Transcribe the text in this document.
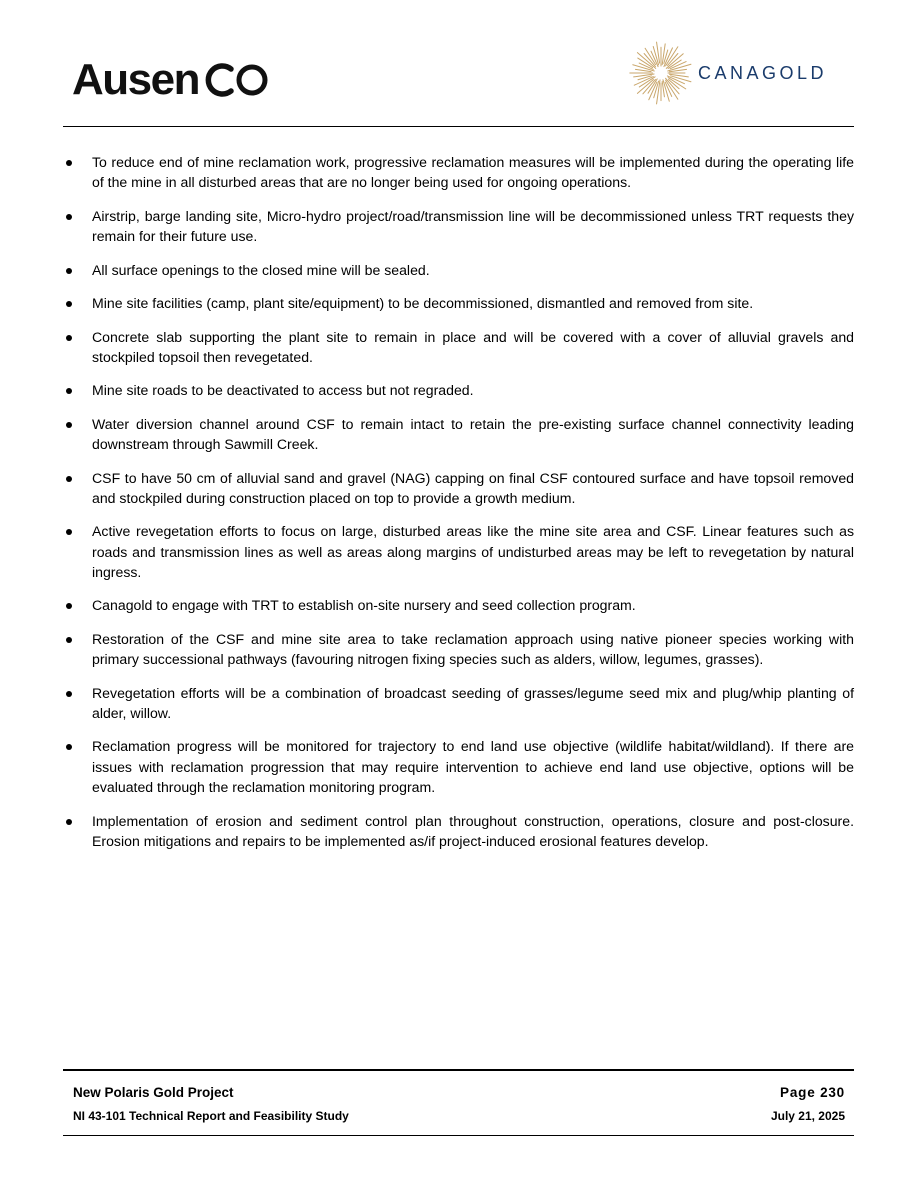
Ausen	CANAGOLD
To reduce end of mine reclamation work, progressive reclamation measures will be implemented during the operating life of the mine in all disturbed areas that are no longer being used for ongoing operations.
Airstrip, barge landing site, Micro-hydro project/road/transmission line will be decommissioned unless TRT requests they remain for their future use.
All surface openings to the closed mine will be sealed.
Mine site facilities (camp, plant site/equipment) to be decommissioned, dismantled and removed from site.
Concrete slab supporting the plant site to remain in place and will be covered with a cover of alluvial gravels and stockpiled topsoil then revegetated.
Mine site roads to be deactivated to access but not regraded.
Water diversion channel around CSF to remain intact to retain the pre-existing surface channel connectivity leading downstream through Sawmill Creek.
CSF to have 50 cm of alluvial sand and gravel (NAG) capping on final CSF contoured surface and have topsoil removed and stockpiled during construction placed on top to provide a growth medium.
Active revegetation efforts to focus on large, disturbed areas like the mine site area and CSF. Linear features such as roads and transmission lines as well as areas along margins of undisturbed areas may be left to revegetation by natural ingress.
Canagold to engage with TRT to establish on-site nursery and seed collection program.
Restoration of the CSF and mine site area to take reclamation approach using native pioneer species working with primary successional pathways (favouring nitrogen fixing species such as alders, willow, legumes, grasses).
Revegetation efforts will be a combination of broadcast seeding of grasses/legume seed mix and plug/whip planting of alder, willow.
Reclamation progress will be monitored for trajectory to end land use objective (wildlife habitat/wildland). If there are issues with reclamation progression that may require intervention to achieve end land use objective, options will be evaluated through the reclamation monitoring program.
Implementation of erosion and sediment control plan throughout construction, operations, closure and post-closure. Erosion mitigations and repairs to be implemented as/if project-induced erosional features develop.
New Polaris Gold Project
NI 43-101 Technical Report and Feasibility Study
Page 230
July 21, 2025
